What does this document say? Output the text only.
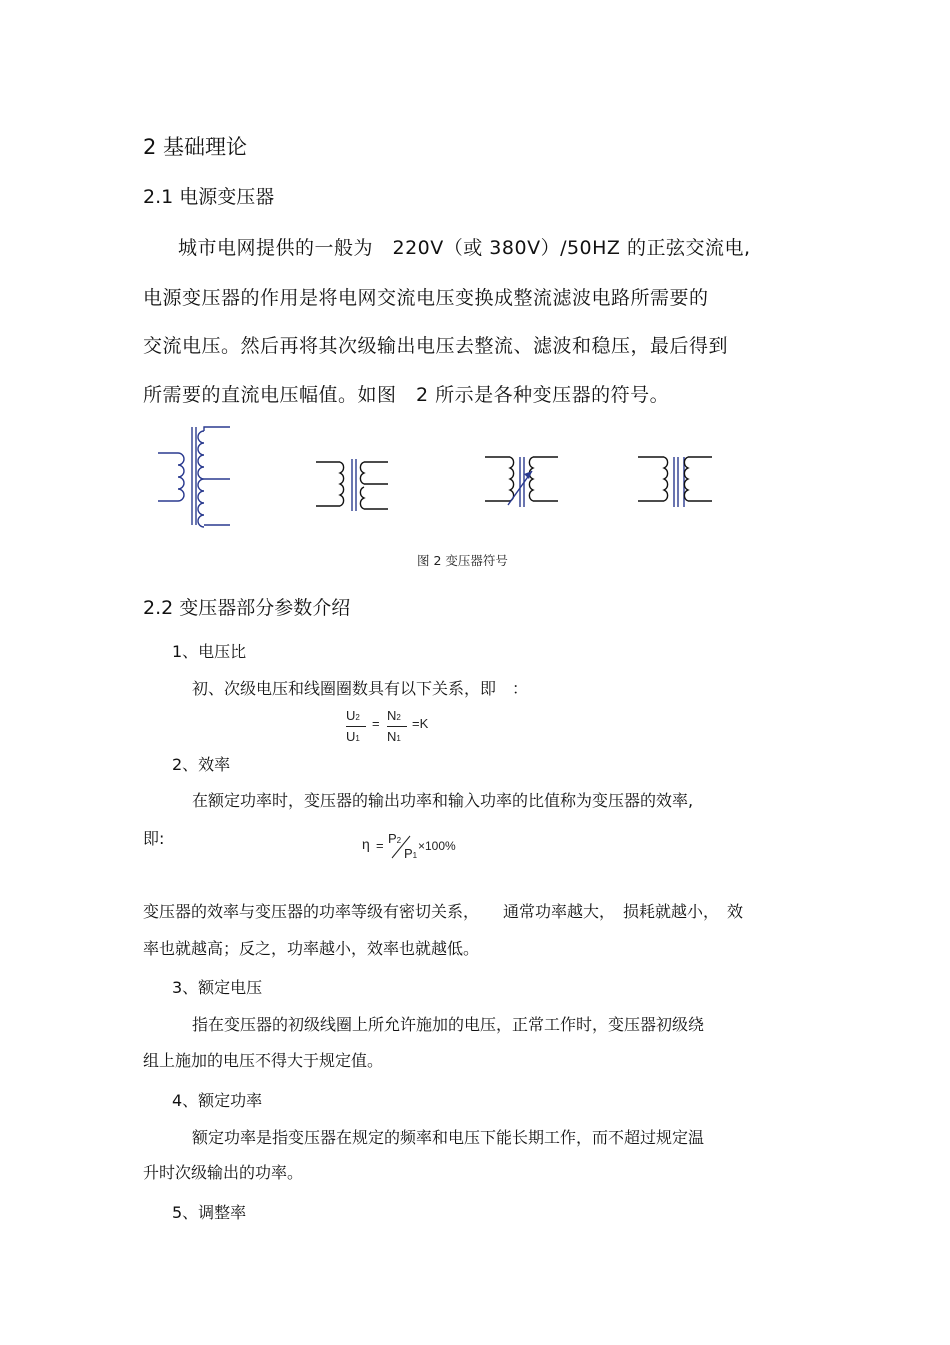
2 基础理论
2.1 电源变压器
城市电网提供的一般为　220V（或 380V）/50HZ 的正弦交流电,
电源变压器的作用是将电网交流电压变换成整流滤波电路所需要的
交流电压。然后再将其次级输出电压去整流、滤波和稳压，最后得到
所需要的直流电压幅值。如图　2 所示是各种变压器的符号。
图 2 变压器符号
2.2 变压器部分参数介绍
1、电压比
初、次级电压和线圈圈数具有以下关系，即　：
U2
U1
=
N2
N1
=K
2、效率
在额定功率时，变压器的输出功率和输入功率的比值称为变压器的效率,
即:	η = P2
P1
×100%
变压器的效率与变压器的功率等级有密切关系，　　通常功率越大，　损耗就越小，　效
率也就越高；反之，功率越小，效率也就越低。
3、额定电压
指在变压器的初级线圈上所允许施加的电压，正常工作时，变压器初级绕
组上施加的电压不得大于规定值。
4、额定功率
额定功率是指变压器在规定的频率和电压下能长期工作，而不超过规定温
升时次级输出的功率。
5、调整率
